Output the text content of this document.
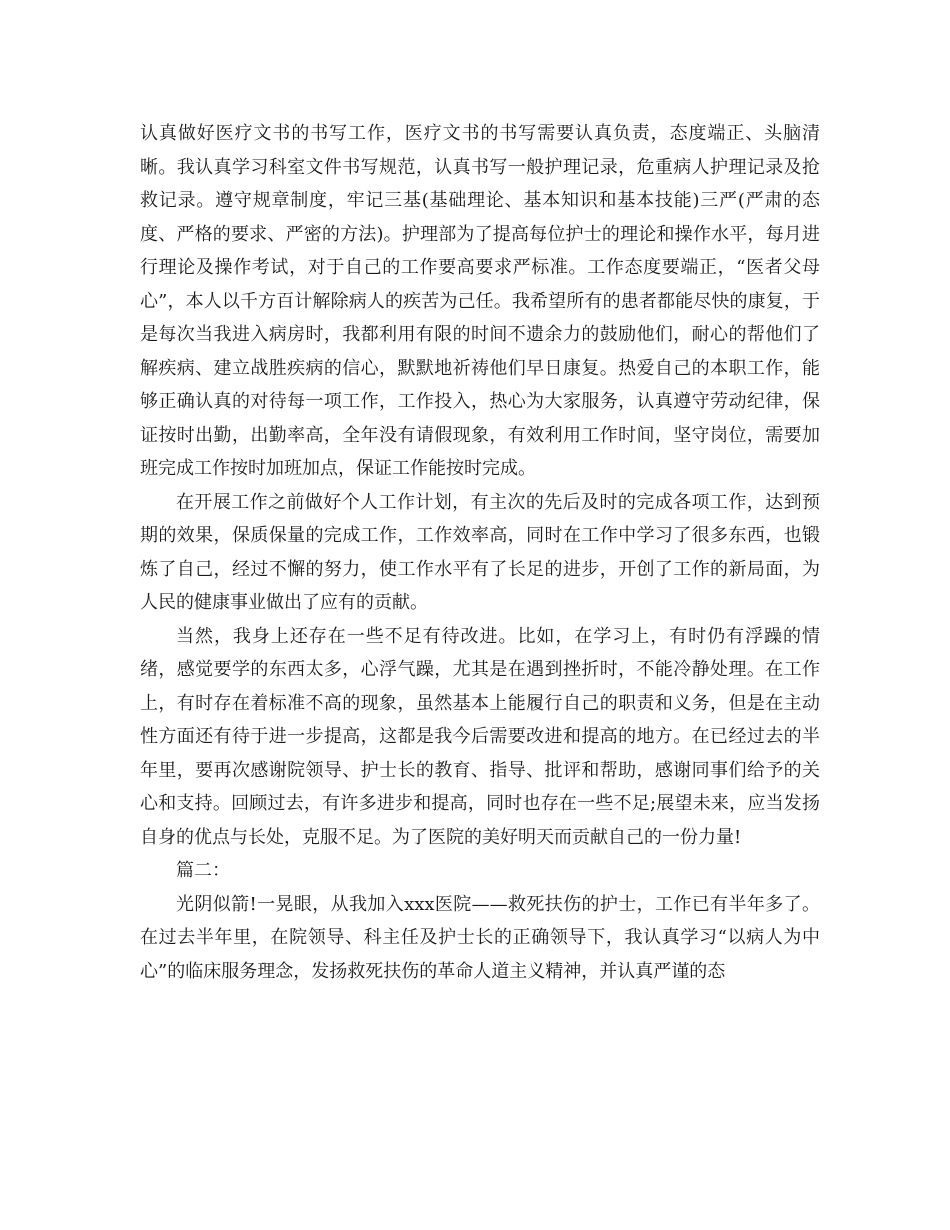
认真做好医疗文书的书写工作，医疗文书的书写需要认真负责，态度端正、头脑清晰。我认真学习科室文件书写规范，认真书写一般护理记录，危重病人护理记录及抢救记录。遵守规章制度，牢记三基(基础理论、基本知识和基本技能)三严(严肃的态度、严格的要求、严密的方法)。护理部为了提高每位护士的理论和操作水平，每月进行理论及操作考试，对于自己的工作要高要求严标准。工作态度要端正，“医者父母心”，本人以千方百计解除病人的疾苦为己任。我希望所有的患者都能尽快的康复，于是每次当我进入病房时，我都利用有限的时间不遗余力的鼓励他们，耐心的帮他们了解疾病、建立战胜疾病的信心，默默地祈祷他们早日康复。热爱自己的本职工作，能够正确认真的对待每一项工作，工作投入，热心为大家服务，认真遵守劳动纪律，保证按时出勤，出勤率高，全年没有请假现象，有效利用工作时间，坚守岗位，需要加班完成工作按时加班加点，保证工作能按时完成。

在开展工作之前做好个人工作计划，有主次的先后及时的完成各项工作，达到预期的效果，保质保量的完成工作，工作效率高，同时在工作中学习了很多东西，也锻炼了自己，经过不懈的努力，使工作水平有了长足的进步，开创了工作的新局面，为人民的健康事业做出了应有的贡献。

当然，我身上还存在一些不足有待改进。比如，在学习上，有时仍有浮躁的情绪，感觉要学的东西太多，心浮气躁，尤其是在遇到挫折时，不能冷静处理。在工作上，有时存在着标准不高的现象，虽然基本上能履行自己的职责和义务，但是在主动性方面还有待于进一步提高，这都是我今后需要改进和提高的地方。在已经过去的半年里，要再次感谢院领导、护士长的教育、指导、批评和帮助，感谢同事们给予的关心和支持。回顾过去，有许多进步和提高，同时也存在一些不足;展望未来，应当发扬自身的优点与长处，克服不足。为了医院的美好明天而贡献自己的一份力量!

篇二：

光阴似箭!一晃眼，从我加入xxx医院——救死扶伤的护士，工作已有半年多了。在过去半年里，在院领导、科主任及护士长的正确领导下，我认真学习“以病人为中心”的临床服务理念，发扬救死扶伤的革命人道主义精神，并认真严谨的态
